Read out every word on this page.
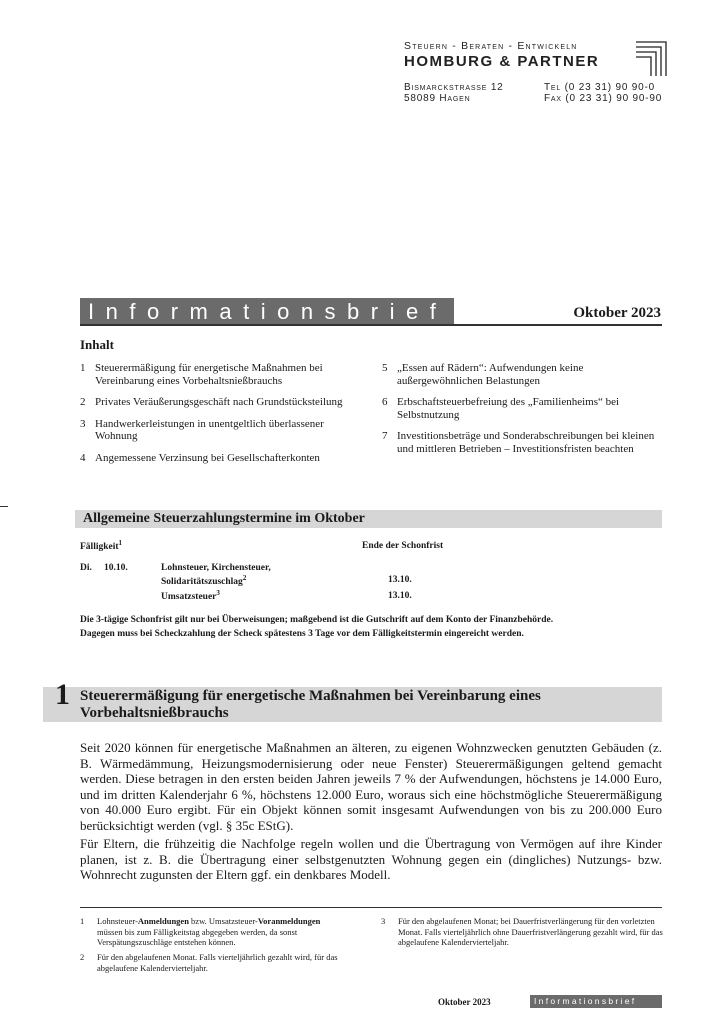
Steuern - Beraten - Entwickeln
HOMBURG & PARTNER
Bismarckstrasse 12
58089 Hagen
Tel (0 23 31) 90 90-0
Fax (0 23 31) 90 90-90
Informationsbrief	Oktober 2023
Inhalt
1 Steuerermäßigung für energetische Maßnahmen bei Vereinbarung eines Vorbehaltsnießbrauchs
2 Privates Veräußerungsgeschäft nach Grundstücksteilung
3 Handwerkerleistungen in unentgeltlich überlassener Wohnung
4 Angemessene Verzinsung bei Gesellschafterkonten
5 „Essen auf Rädern“: Aufwendungen keine außergewöhnlichen Belastungen
6 Erbschaftsteuerbefreiung des „Familienheims“ bei Selbstnutzung
7 Investitionsbeträge und Sonderabschreibungen bei kleinen und mittleren Betrieben – Investitionsfristen beachten
Allgemeine Steuerzahlungstermine im Oktober
Fälligkeit$^1$	Ende der Schonfrist
Di. 10.10.	Lohnsteuer, Kirchensteuer,
Solidaritätszuschlag$^2$	13.10.
Umsatzsteuer$^3$	13.10.
Die 3-tägige Schonfrist gilt nur bei Überweisungen; maßgebend ist die Gutschrift auf dem Konto der Finanzbehörde.
Dagegen muss bei Scheckzahlung der Scheck spätestens 3 Tage vor dem Fälligkeitstermin eingereicht werden.
1 Steuerermäßigung für energetische Maßnahmen bei Vereinbarung eines Vorbehaltsnießbrauchs

Seit 2020 können für energetische Maßnahmen an älteren, zu eigenen Wohnzwecken genutzten Gebäuden (z. B. Wärmedämmung, Heizungsmodernisierung oder neue Fenster) Steuerermäßigungen geltend gemacht werden. Diese betragen in den ersten beiden Jahren jeweils 7 % der Aufwendungen, höchstens je 14.000 Euro, und im dritten Kalenderjahr 6 %, höchstens 12.000 Euro, woraus sich eine höchstmögliche Steuerermäßigung von 40.000 Euro ergibt. Für ein Objekt können somit insgesamt Aufwendungen von bis zu 200.000 Euro berücksichtigt werden (vgl. § 35c EStG).

Für Eltern, die frühzeitig die Nachfolge regeln wollen und die Übertragung von Vermögen auf ihre Kinder planen, ist z. B. die Übertragung einer selbstgenutzten Wohnung gegen ein (dingliches) Nutzungs- bzw. Wohnrecht zugunsten der Eltern ggf. ein denkbares Modell.

1	Lohnsteuer-Anmeldungen bzw. Umsatzsteuer-Voranmeldungen müssen bis zum Fälligkeitstag abgegeben werden, da sonst Verspätungszuschläge entstehen können.
2	Für den abgelaufenen Monat. Falls vierteljährlich gezahlt wird, für das abgelaufene Kalendervierteljahr.
3	Für den abgelaufenen Monat; bei Dauerfristverlängerung für den vorletzten Monat. Falls vierteljährlich ohne Dauerfristverlängerung gezahlt wird, für das abgelaufene Kalendervierteljahr.
Oktober 2023	Informationsbrief
